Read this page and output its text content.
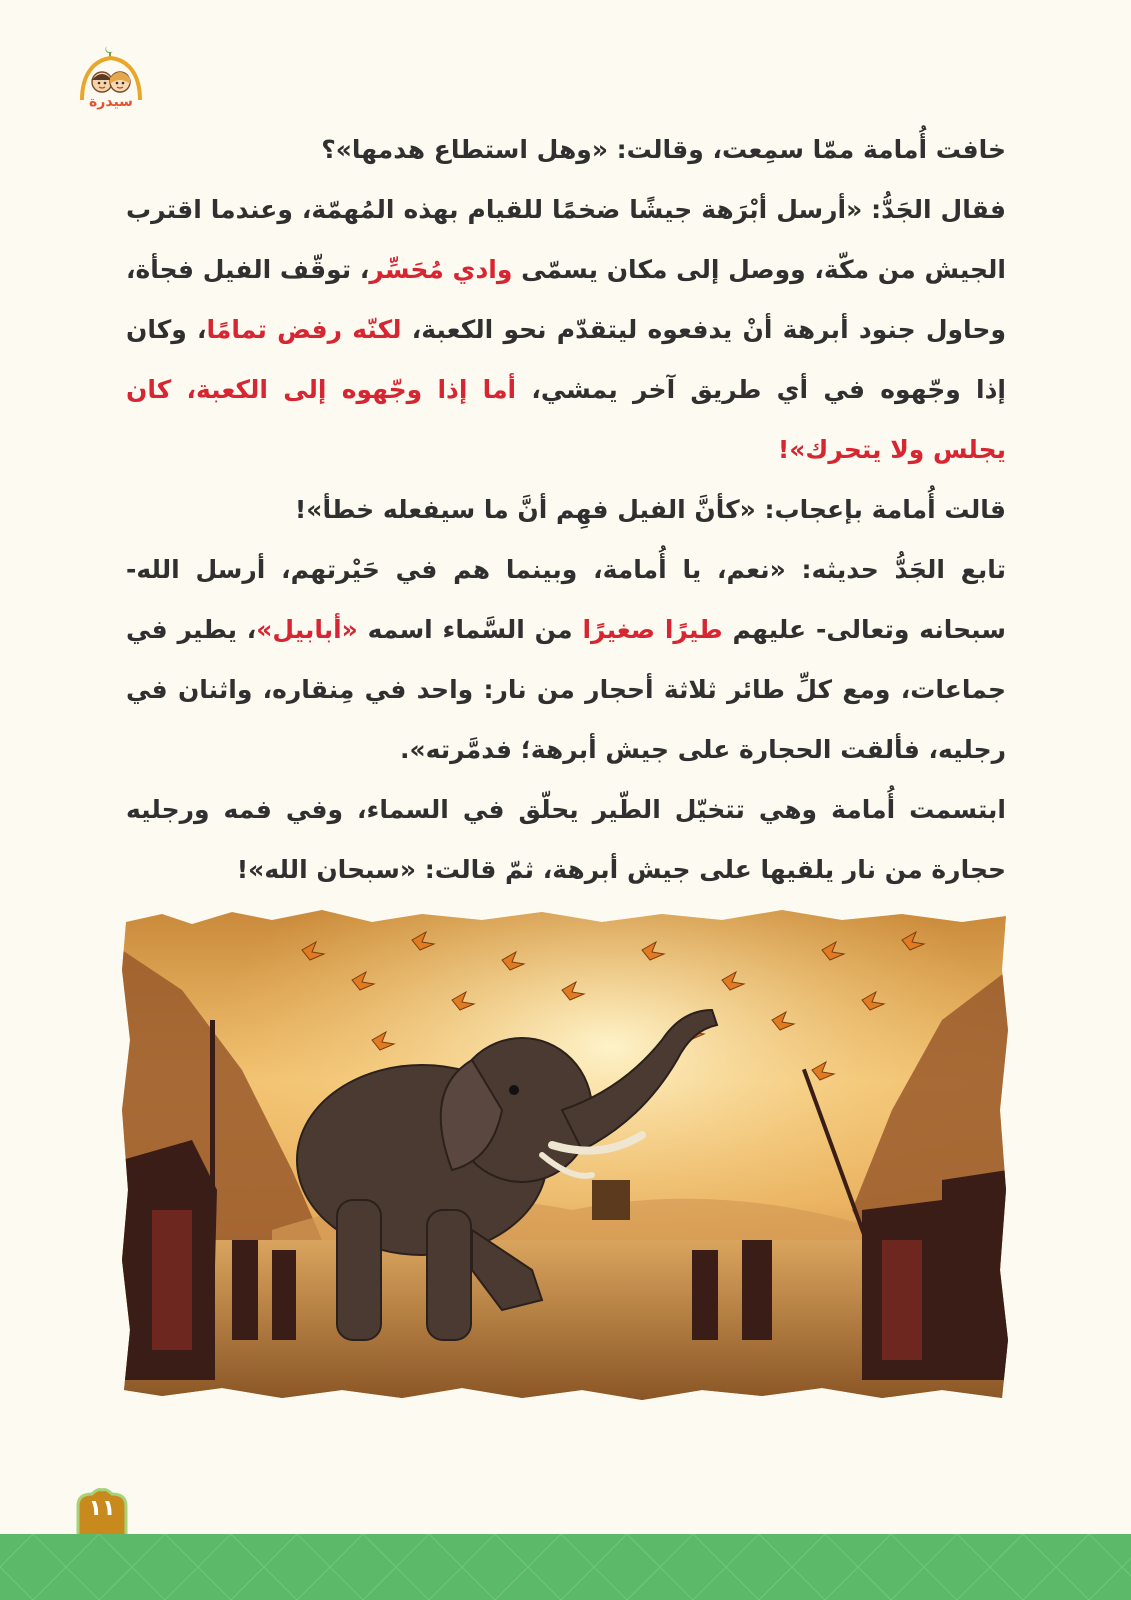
سيدرة

خافت أُمامة ممّا سمِعت، وقالت: «وهل استطاع هدمها»؟

فقال الجَدُّ: «أرسل أبْرَهة جيشًا ضخمًا للقيام بهذه المُهمّة، وعندما اقترب الجيش من مكّة، ووصل إلى مكان يسمّى وادي مُحَسِّر، توقّف الفيل فجأة، وحاول جنود أبرهة أنْ يدفعوه ليتقدّم نحو الكعبة، لكنّه رفض تمامًا، وكان إذا وجّهوه في أي طريق آخر يمشي، أما إذا وجّهوه إلى الكعبة، كان يجلس ولا يتحرك»!

قالت أُمامة بإعجاب: «كأنَّ الفيل فهِم أنَّ ما سيفعله خطأ»!

تابع الجَدُّ حديثه: «نعم، يا أُمامة، وبينما هم في حَيْرتهم، أرسل الله- سبحانه وتعالى- عليهم طيرًا صغيرًا من السَّماء اسمه «أبابيل»، يطير في جماعات، ومع كلِّ طائر ثلاثة أحجار من نار: واحد في مِنقاره، واثنان في رجليه، فألقت الحجارة على جيش أبرهة؛ فدمَّرته».

ابتسمت أُمامة وهي تتخيّل الطّير يحلّق في السماء، وفي فمه ورجليه حجارة من نار يلقيها على جيش أبرهة، ثمّ قالت: «سبحان الله»!

١١
